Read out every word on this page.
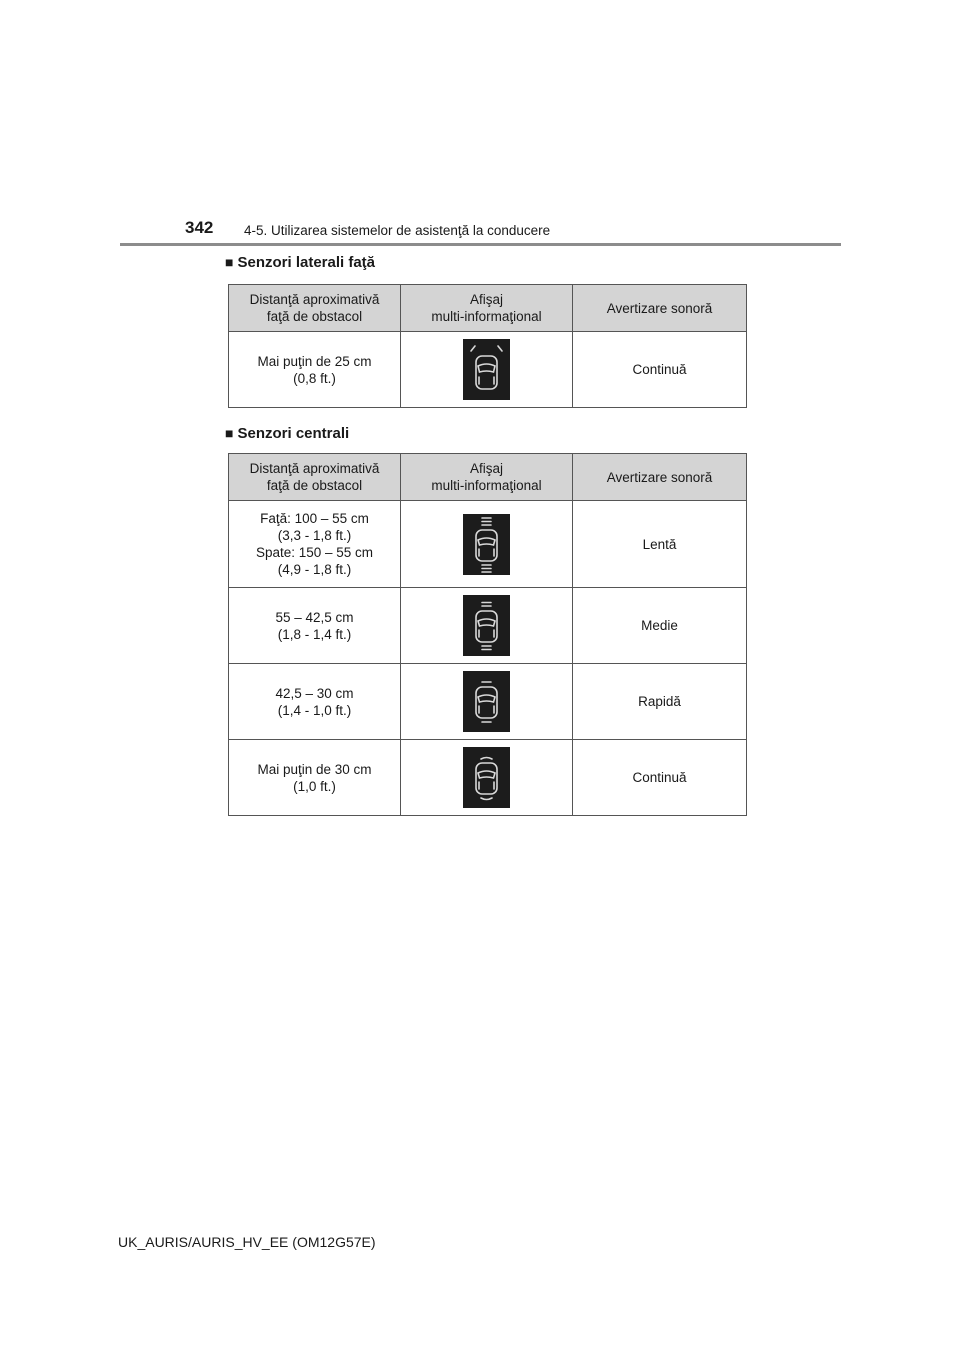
342 4-5. Utilizarea sistemelor de asistenţă la conducere
■ Senzori laterali faţă
Distanţă aproximativă
faţă de obstacol	Afişaj
multi-informaţional	Avertizare sonoră
Mai puţin de 25 cm
(0,8 ft.)		Continuă
■ Senzori centrali
Distanţă aproximativă
faţă de obstacol	Afişaj
multi-informaţional	Avertizare sonoră
Faţă: 100 – 55 cm
(3,3 - 1,8 ft.)
Spate: 150 – 55 cm
(4,9 - 1,8 ft.)		Lentă
55 – 42,5 cm
(1,8 - 1,4 ft.)		Medie
42,5 – 30 cm
(1,4 - 1,0 ft.)		Rapidă
Mai puţin de 30 cm
(1,0 ft.)		Continuă
UK_AURIS/AURIS_HV_EE (OM12G57E)
